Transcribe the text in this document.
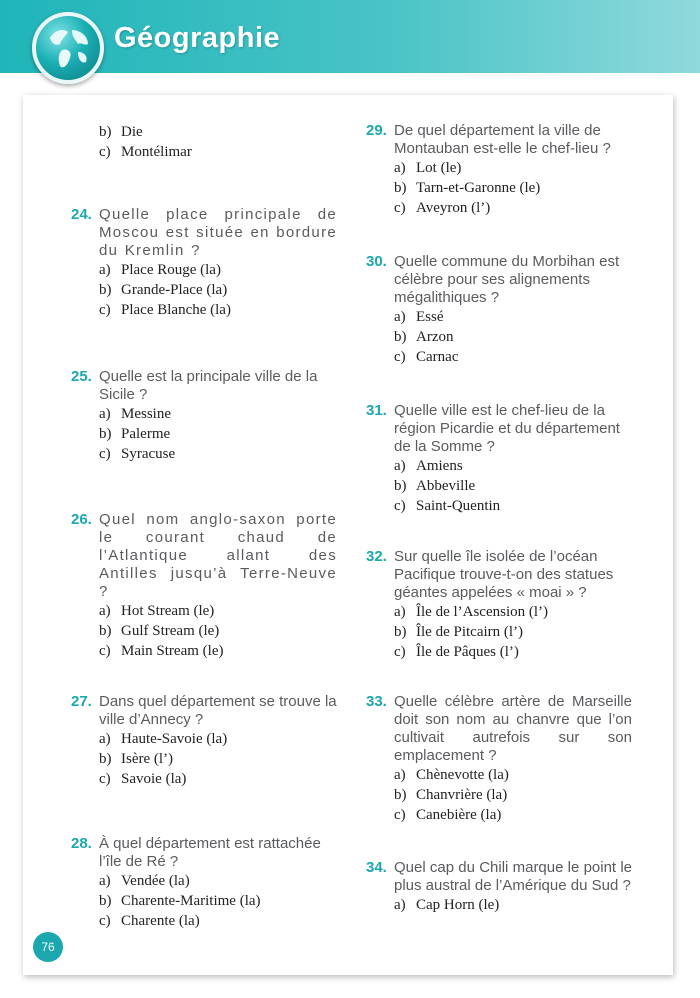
Géographie
b) Die
c) Montélimar
24. Quelle place principale de Moscou est située en bordure du Kremlin ?
a) Place Rouge (la)
b) Grande-Place (la)
c) Place Blanche (la)
25. Quelle est la principale ville de la Sicile ?
a) Messine
b) Palerme
c) Syracuse
26. Quel nom anglo-saxon porte le courant chaud de l’Atlantique allant des Antilles jusqu’à Terre-Neuve ?
a) Hot Stream (le)
b) Gulf Stream (le)
c) Main Stream (le)
27. Dans quel département se trouve la ville d’Annecy ?
a) Haute-Savoie (la)
b) Isère (l’)
c) Savoie (la)
28. À quel département est rattachée l’île de Ré ?
a) Vendée (la)
b) Charente-Maritime (la)
c) Charente (la)
29. De quel département la ville de Montauban est-elle le chef-lieu ?
a) Lot (le)
b) Tarn-et-Garonne (le)
c) Aveyron (l’)
30. Quelle commune du Morbihan est célèbre pour ses alignements mégalithiques ?
a) Essé
b) Arzon
c) Carnac
31. Quelle ville est le chef-lieu de la région Picardie et du département de la Somme ?
a) Amiens
b) Abbeville
c) Saint-Quentin
32. Sur quelle île isolée de l’océan Pacifique trouve-t-on des statues géantes appelées « moai » ?
a) Île de l’Ascension (l’)
b) Île de Pitcairn (l’)
c) Île de Pâques (l’)
33. Quelle célèbre artère de Marseille doit son nom au chanvre que l’on cultivait autrefois sur son emplacement ?
a) Chènevotte (la)
b) Chanvrière (la)
c) Canebière (la)
34. Quel cap du Chili marque le point le plus austral de l’Amérique du Sud ?
a) Cap Horn (le)
76
